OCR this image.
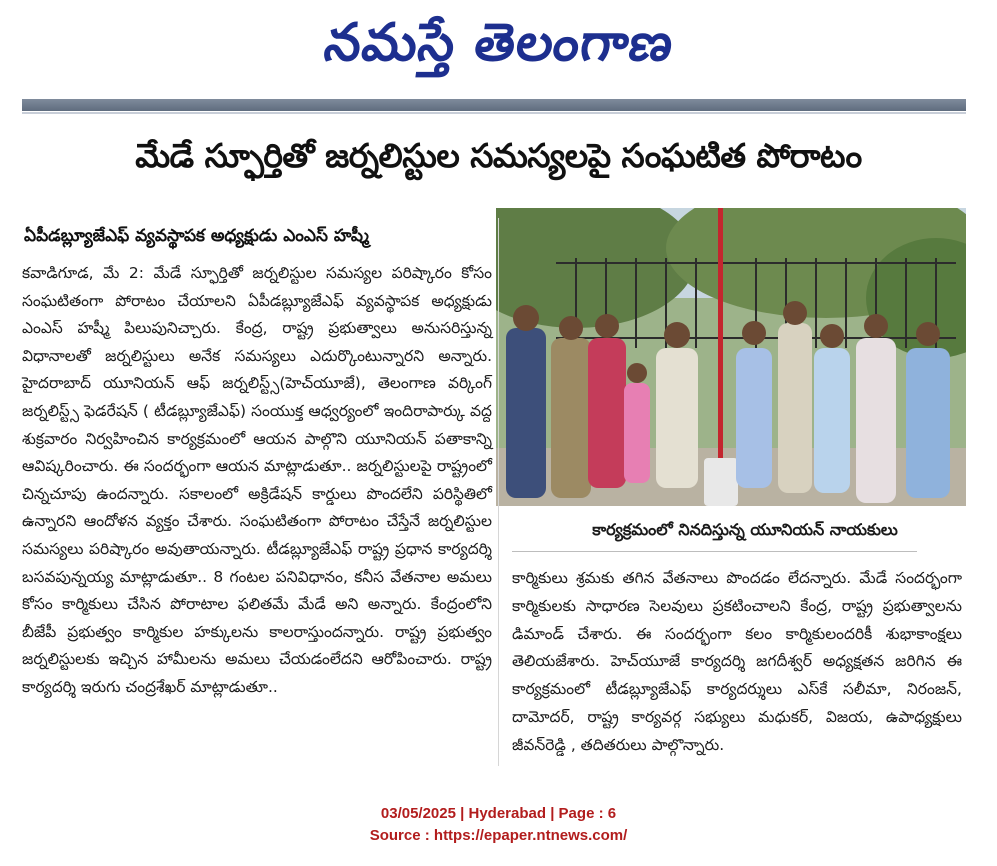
నమస్తే తెలంగాణ
మేడే స్ఫూర్తితో జర్నలిస్టుల సమస్యలపై సంఘటిత పోరాటం
ఏపీడబ్ల్యూజేఎఫ్ వ్యవస్థాపక అధ్యక్షుడు ఎంఎస్ హష్మీ

కవాడిగూడ, మే 2: మేడే స్ఫూర్తితో జర్నలిస్టుల సమస్యల పరిష్కారం కోసం సంఘటితంగా పోరాటం చేయాలని ఏపీడబ్ల్యూజేఎఫ్ వ్యవస్థాపక అధ్యక్షుడు ఎంఎస్ హష్మీ పిలుపునిచ్చారు. కేంద్ర, రాష్ట్ర ప్రభుత్వాలు అనుసరిస్తున్న విధానాలతో జర్నలిస్టులు అనేక సమస్యలు ఎదుర్కొంటున్నారని అన్నారు. హైదరాబాద్ యూనియన్ ఆఫ్ జర్నలిస్ట్స్(హెచ్‌యూజే), తెలంగాణ వర్కింగ్ జర్నలిస్ట్స్ ఫెడరేషన్ ( టీడబ్ల్యూజేఎఫ్) సంయుక్త ఆధ్వర్యంలో ఇందిరాపార్కు వద్ద శుక్రవారం నిర్వహించిన కార్యక్రమంలో ఆయన పాల్గొని యూనియన్ పతాకాన్ని ఆవిష్కరించారు. ఈ సందర్భంగా ఆయన మాట్లాడుతూ.. జర్నలిస్టులపై రాష్ట్రంలో చిన్నచూపు ఉందన్నారు. సకాలంలో అక్రిడేషన్ కార్డులు పొందలేని పరిస్థితిలో ఉన్నారని ఆందోళన వ్యక్తం చేశారు. సంఘటితంగా పోరాటం చేస్తేనే జర్నలిస్టుల సమస్యలు పరిష్కారం అవుతాయన్నారు. టీడబ్ల్యూజేఎఫ్ రాష్ట్ర ప్రధాన కార్యదర్శి బసవపున్నయ్య మాట్లాడుతూ.. 8 గంటల పనివిధానం, కనీస వేతనాల అమలు కోసం కార్మికులు చేసిన పోరాటాల ఫలితమే మేడే అని అన్నారు. కేంద్రంలోని బీజేపీ ప్రభుత్వం కార్మికుల హక్కులను కాలరాస్తుందన్నారు. రాష్ట్ర ప్రభుత్వం జర్నలిస్టులకు ఇచ్చిన హామీలను అమలు చేయడంలేదని ఆరోపించారు. రాష్ట్ర కార్యదర్శి ఇరుగు చంద్రశేఖర్ మాట్లాడుతూ..

కార్యక్రమంలో నినదిస్తున్న యూనియన్ నాయకులు

కార్మికులు శ్రమకు తగిన వేతనాలు పొందడం లేదన్నారు. మేడే సందర్భంగా కార్మికులకు సాధారణ సెలవులు ప్రకటించాలని కేంద్ర, రాష్ట్ర ప్రభుత్వాలను డిమాండ్ చేశారు. ఈ సందర్భంగా కలం కార్మికులందరికీ శుభాకాంక్షలు తెలియజేశారు. హెచ్‌యూజే కార్యదర్శి జగదీశ్వర్ అధ్యక్షతన జరిగిన ఈ కార్యక్రమంలో టీడబ్ల్యూజేఎఫ్ కార్యదర్శులు ఎస్‌కే సలీమా, నిరంజన్, దామోదర్, రాష్ట్ర కార్యవర్గ సభ్యులు మధుకర్, విజయ, ఉపాధ్యక్షులు జీవన్‌రెడ్డి , తదితరులు పాల్గొన్నారు.

03/05/2025 | Hyderabad | Page : 6
Source : https://epaper.ntnews.com/
